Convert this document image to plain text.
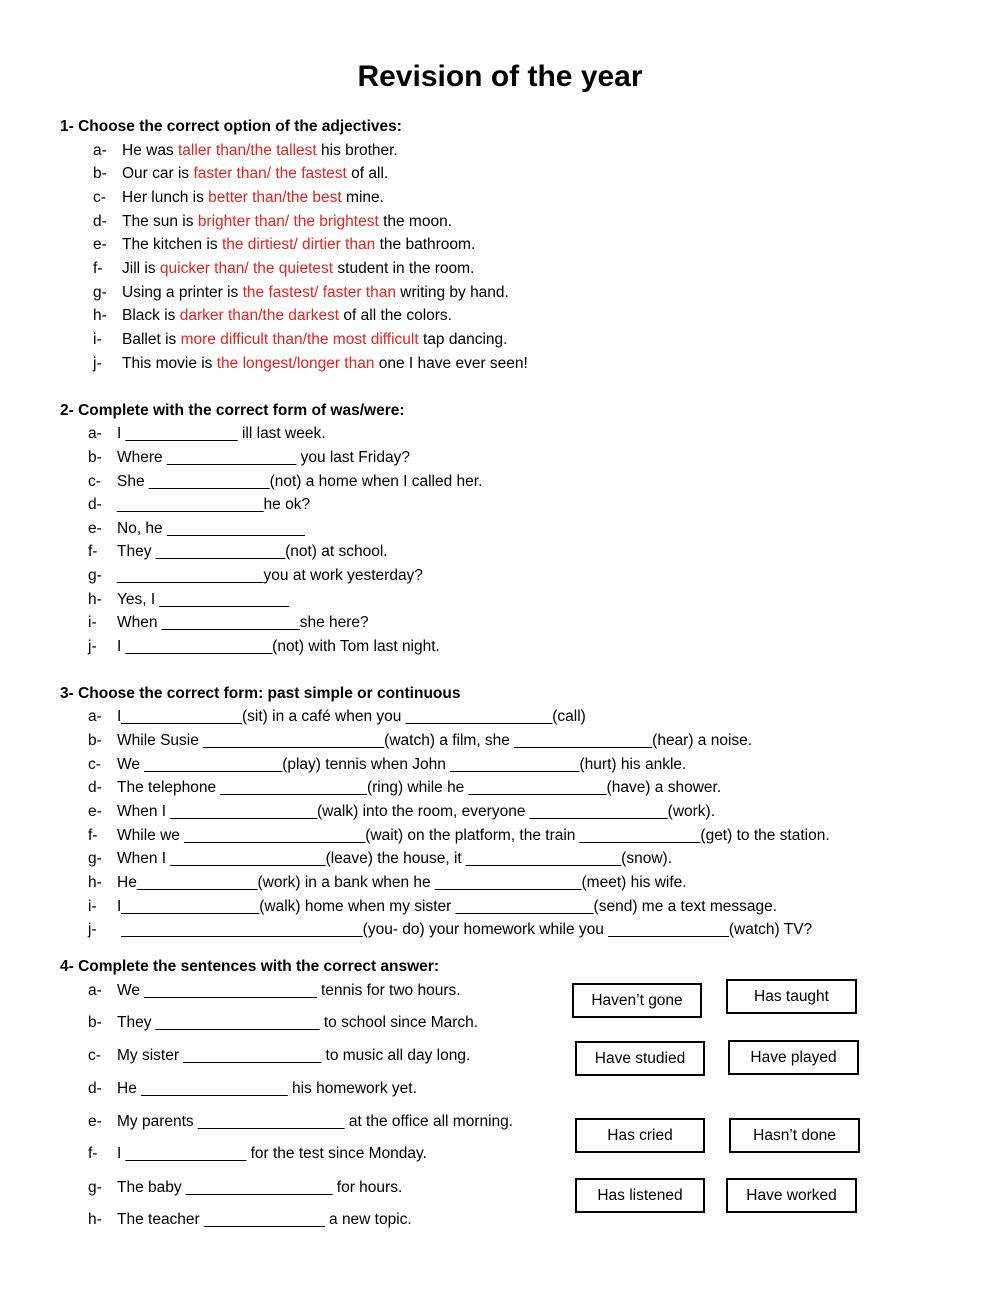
Revision of the year
1- Choose the correct option of the adjectives:
a- He was taller than/the tallest his brother.
b- Our car is faster than/ the fastest of all.
c- Her lunch is better than/the best mine.
d- The sun is brighter than/ the brightest the moon.
e- The kitchen is the dirtiest/ dirtier than the bathroom.
f- Jill is quicker than/ the quietest student in the room.
g- Using a printer is the fastest/ faster than writing by hand.
h- Black is darker than/the darkest of all the colors.
i- Ballet is more difficult than/the most difficult tap dancing.
j- This movie is the longest/longer than one I have ever seen!
2- Complete with the correct form of was/were:
a- I _____________ ill last week.
b- Where _______________ you last Friday?
c- She ______________(not) a home when I called her.
d- _________________he ok?
e- No, he ________________
f- They _______________(not) at school.
g- _________________you at work yesterday?
h- Yes, I _______________
i- When ________________she here?
j- I _________________(not) with Tom last night.
3- Choose the correct form: past simple or continuous
a- I______________(sit) in a café when you _________________(call)
b- While Susie _____________________(watch) a film, she ________________(hear) a noise.
c- We ________________(play) tennis when John _______________(hurt) his ankle.
d- The telephone _________________(ring) while he ________________(have) a shower.
e- When I _________________(walk) into the room, everyone ________________(work).
f- While we _____________________(wait) on the platform, the train ______________(get) to the station.
g- When I __________________(leave) the house, it __________________(snow).
h- He______________(work) in a bank when he _________________(meet) his wife.
i- I________________(walk) home when my sister ________________(send) me a text message.
j- ____________________________(you- do) your homework while you ______________(watch) TV?
4- Complete the sentences with the correct answer:
a- We ____________________ tennis for two hours.
b- They ___________________ to school since March.
c- My sister ________________ to music all day long.
d- He _________________ his homework yet.
e- My parents _________________ at the office all morning.
f- I ______________ for the test since Monday.
g- The baby _________________ for hours.
h- The teacher ______________ a new topic.
Haven’t gone	Has taught
Have studied	Have played
Has cried	Hasn’t done
Has listened	Have worked
